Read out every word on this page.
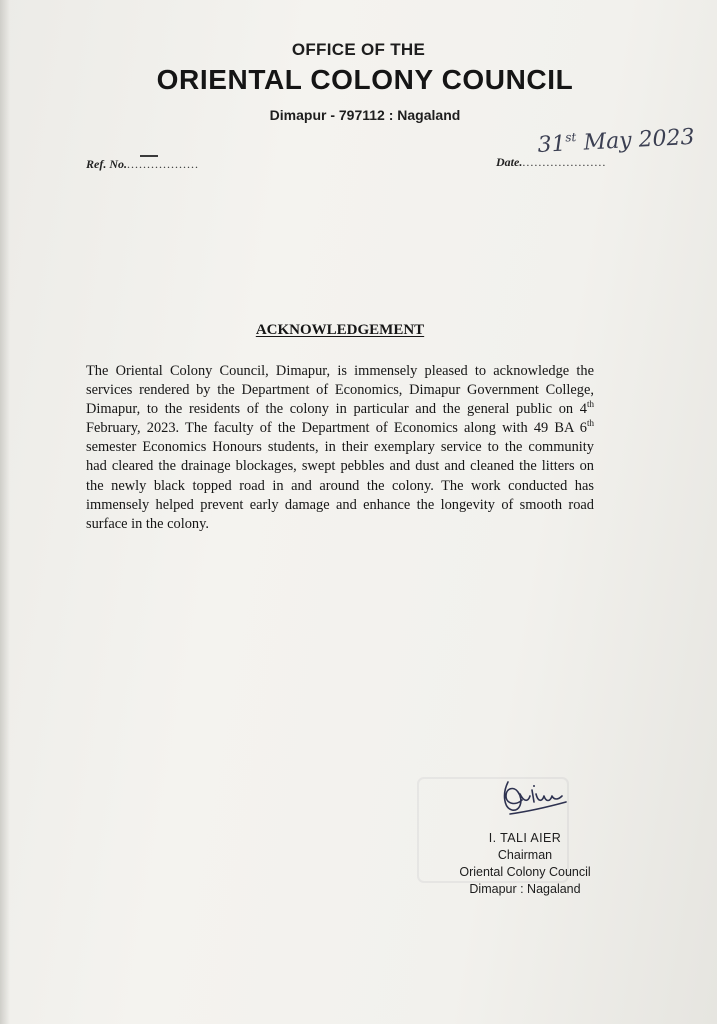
OFFICE OF THE
ORIENTAL COLONY COUNCIL
Dimapur - 797112 : Nagaland
Ref. No...................	Date......................
31st May 2023
ACKNOWLEDGEMENT

The Oriental Colony Council, Dimapur, is immensely pleased to acknowledge the services rendered by the Department of Economics, Dimapur Government College, Dimapur, to the residents of the colony in particular and the general public on 4th February, 2023. The faculty of the Department of Economics along with 49 BA 6th semester Economics Honours students, in their exemplary service to the community had cleared the drainage blockages, swept pebbles and dust and cleaned the litters on the newly black topped road in and around the colony. The work conducted has immensely helped prevent early damage and enhance the longevity of smooth road surface in the colony.

I. TALI AIER
Chairman
Oriental Colony Council
Dimapur : Nagaland
